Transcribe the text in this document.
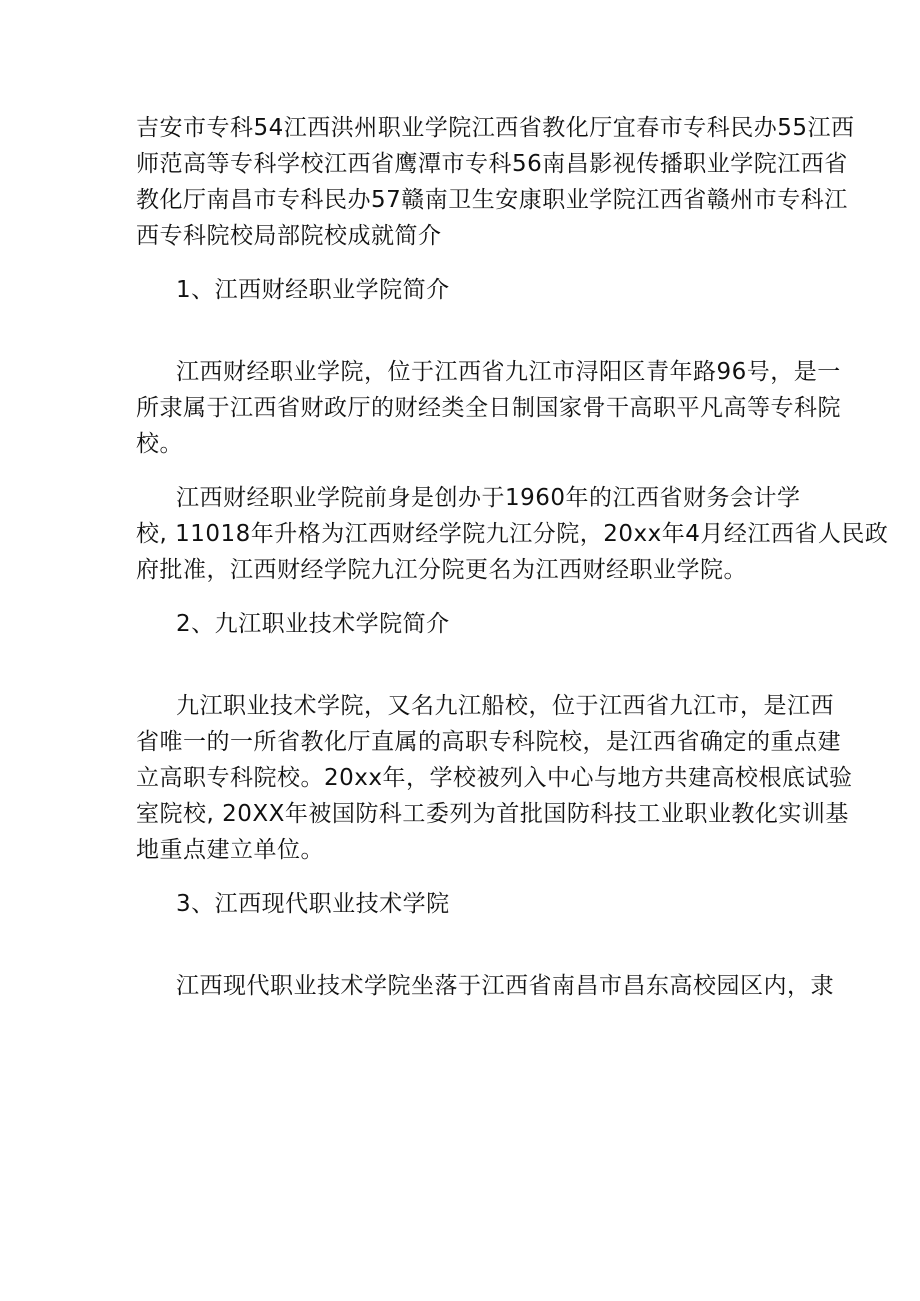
吉安市专科54江西洪州职业学院江西省教化厅宜春市专科民办55江西
师范高等专科学校江西省鹰潭市专科56南昌影视传播职业学院江西省
教化厅南昌市专科民办57赣南卫生安康职业学院江西省赣州市专科江
西专科院校局部院校成就简介
1、江西财经职业学院简介
江西财经职业学院，位于江西省九江市浔阳区青年路96号，是一
所隶属于江西省财政厅的财经类全日制国家骨干高职平凡高等专科院
校。
江西财经职业学院前身是创办于1960年的江西省财务会计学
校, 11018年升格为江西财经学院九江分院，20xx年4月经江西省人民政
府批准，江西财经学院九江分院更名为江西财经职业学院。
2、九江职业技术学院简介
九江职业技术学院，又名九江船校，位于江西省九江市，是江西
省唯一的一所省教化厅直属的高职专科院校，是江西省确定的重点建
立高职专科院校。20xx年，学校被列入中心与地方共建高校根底试验
室院校, 20XX年被国防科工委列为首批国防科技工业职业教化实训基
地重点建立单位。
3、江西现代职业技术学院
江西现代职业技术学院坐落于江西省南昌市昌东高校园区内，隶
